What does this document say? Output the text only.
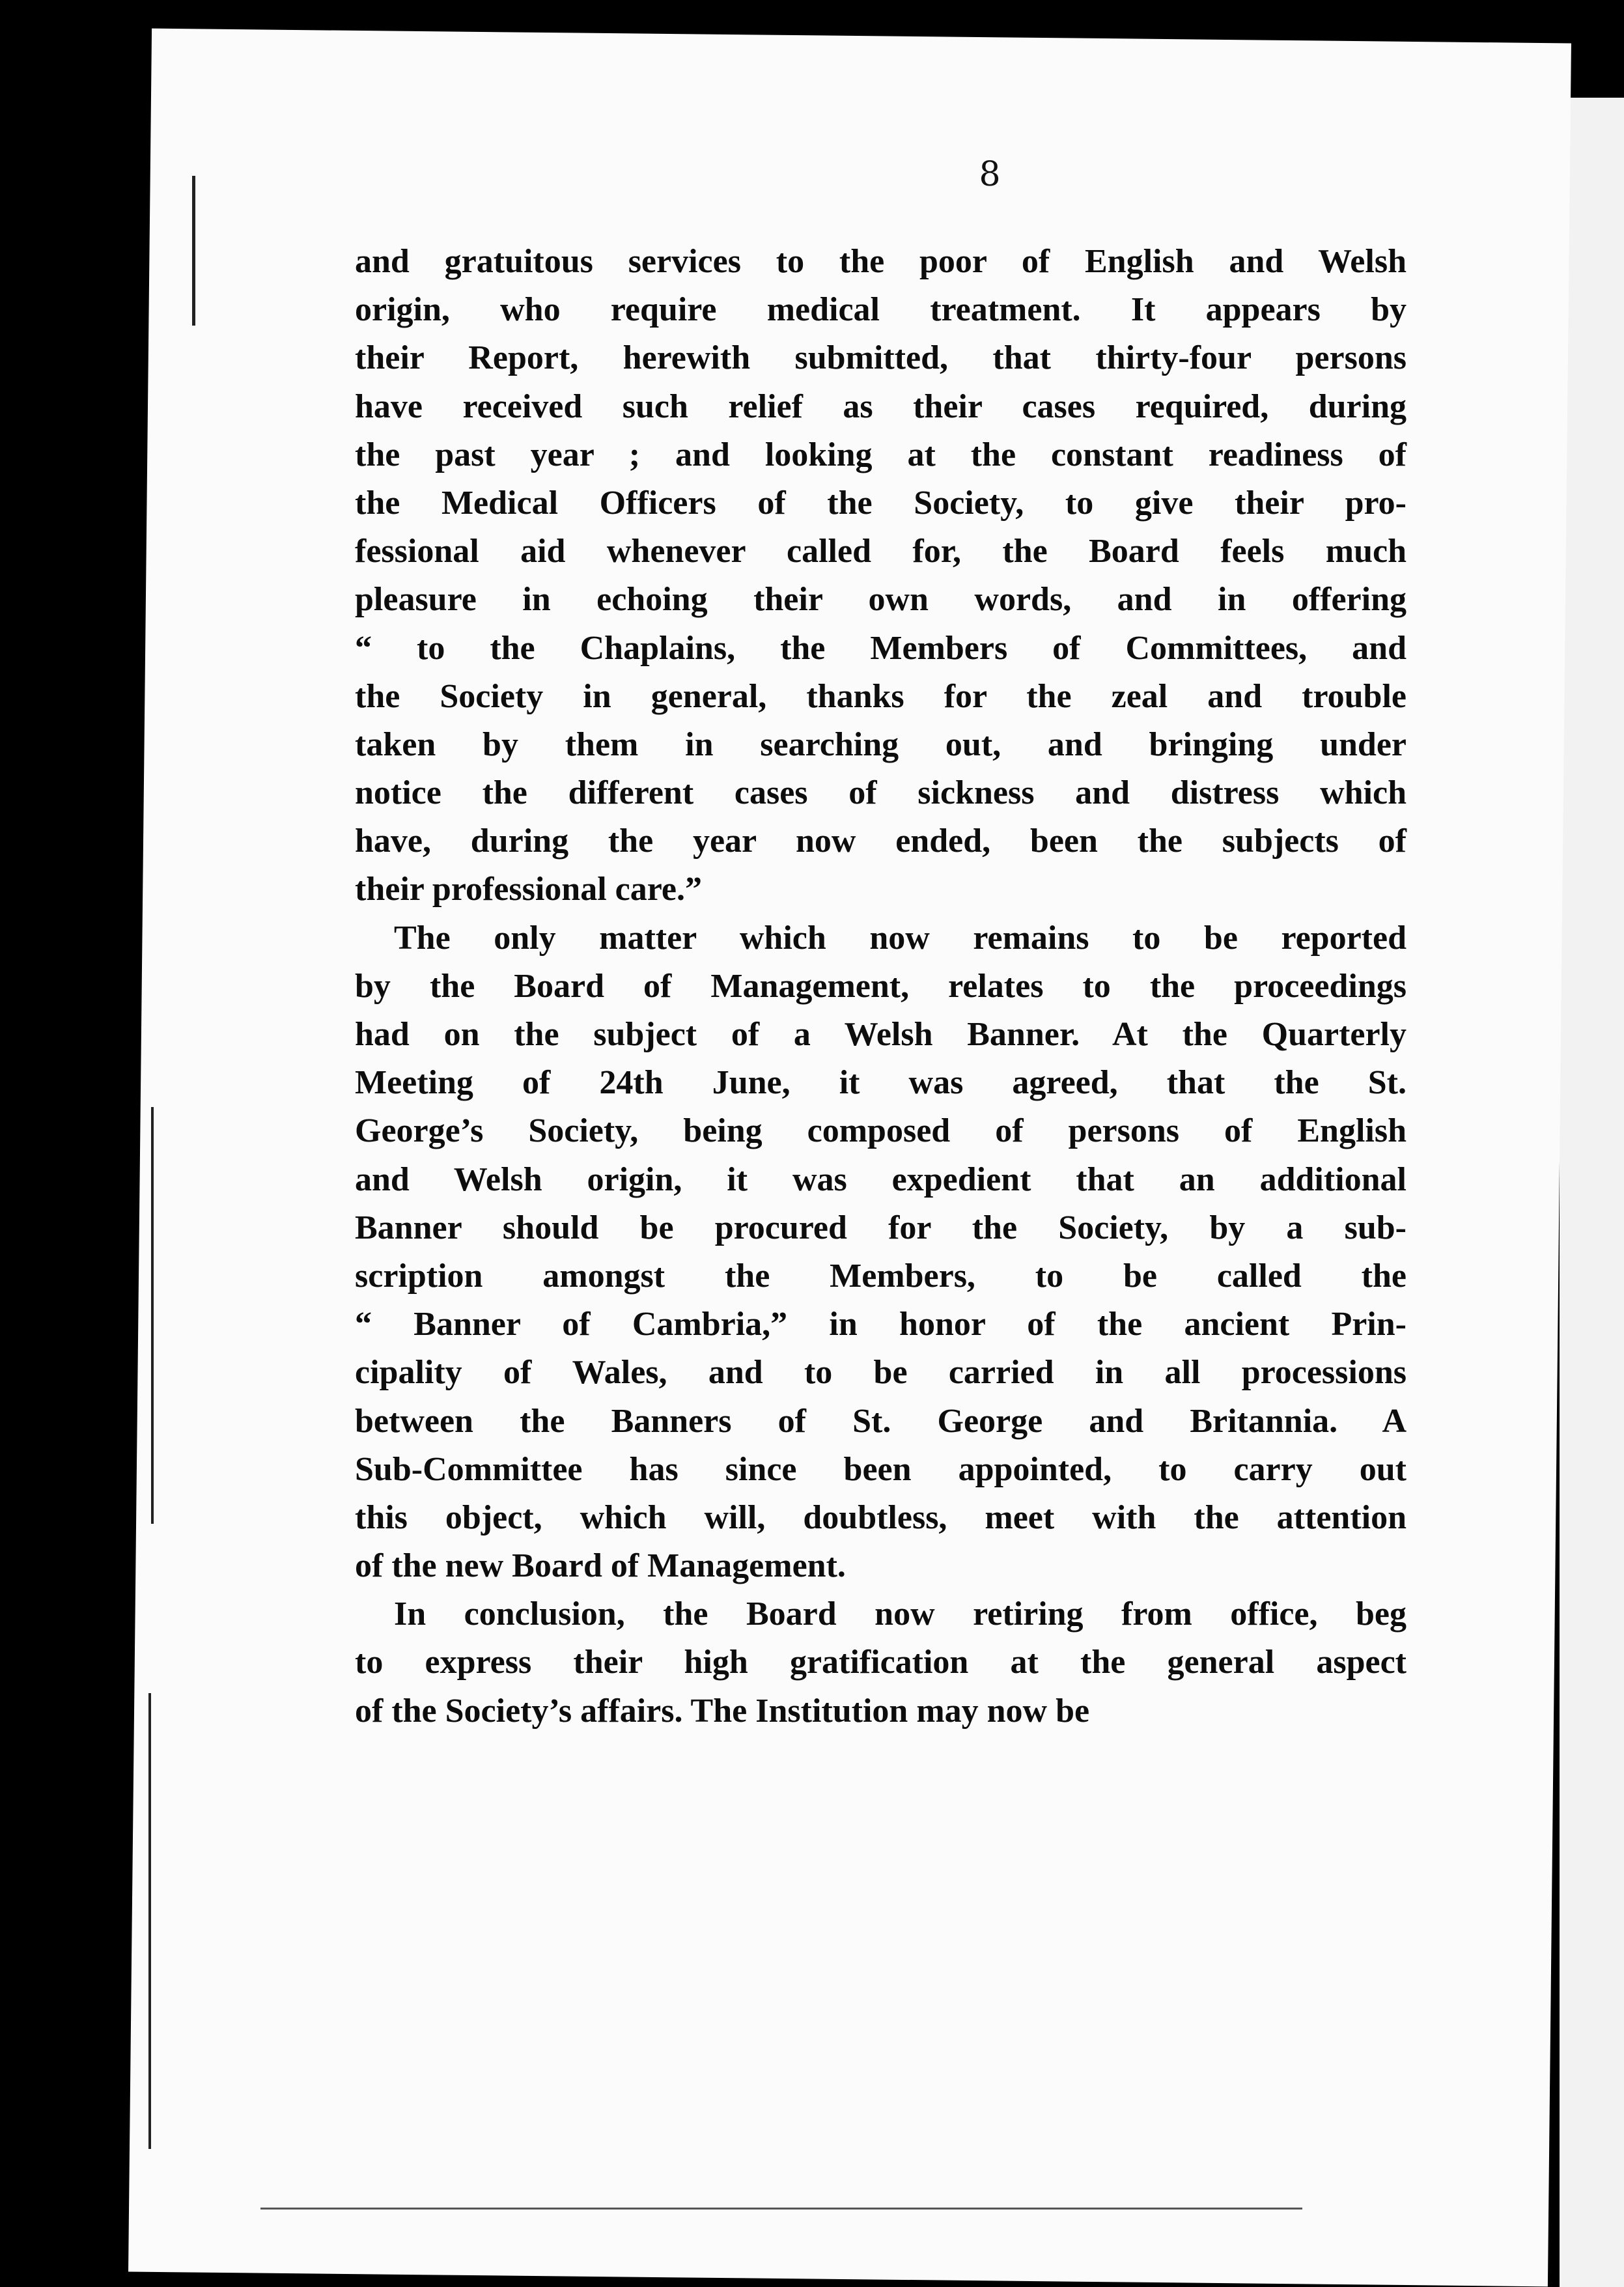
8
and gratuitous services to the poor of English and Welsh
origin, who require medical treatment. It appears by
their Report, herewith submitted, that thirty-four persons
have received such relief as their cases required, during
the past year ; and looking at the constant readiness of
the Medical Officers of the Society, to give their pro-
fessional aid whenever called for, the Board feels much
pleasure in echoing their own words, and in offering
“ to the Chaplains, the Members of Committees, and
the Society in general, thanks for the zeal and trouble
taken by them in searching out, and bringing under
notice the different cases of sickness and distress which
have, during the year now ended, been the subjects of
their professional care.”
The only matter which now remains to be reported
by the Board of Management, relates to the proceedings
had on the subject of a Welsh Banner. At the Quarterly
Meeting of 24th June, it was agreed, that the St.
George’s Society, being composed of persons of English
and Welsh origin, it was expedient that an additional
Banner should be procured for the Society, by a sub-
scription amongst the Members, to be called the
“ Banner of Cambria,” in honor of the ancient Prin-
cipality of Wales, and to be carried in all processions
between the Banners of St. George and Britannia. A
Sub-Committee has since been appointed, to carry out
this object, which will, doubtless, meet with the attention
of the new Board of Management.
In conclusion, the Board now retiring from office, beg
to express their high gratification at the general aspect
of the Society’s affairs. The Institution may now be
